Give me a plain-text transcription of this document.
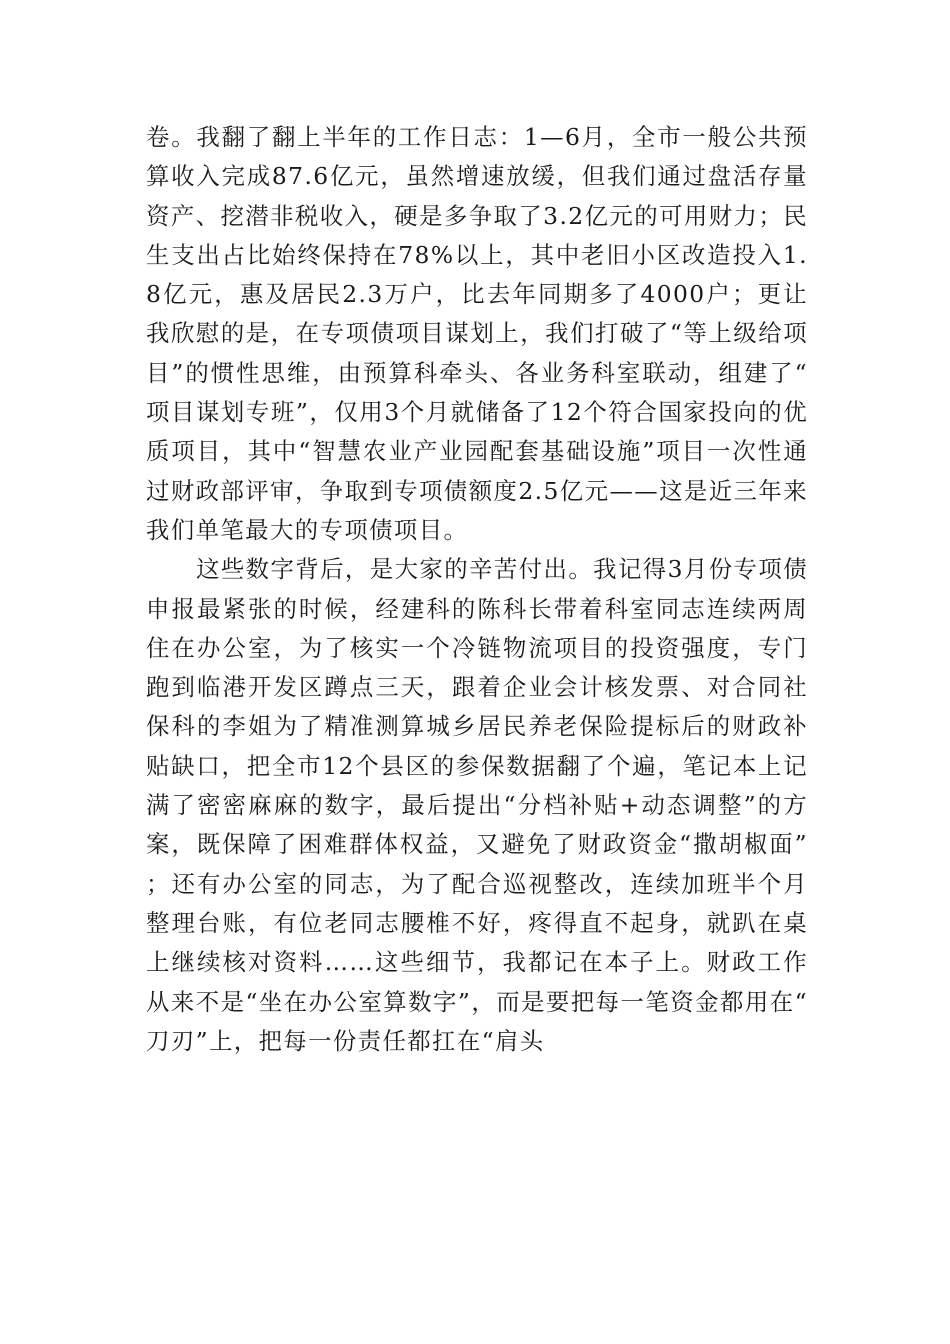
卷。我翻了翻上半年的工作日志：1—6月，全市一般公共预算收入完成87.6亿元，虽然增速放缓，但我们通过盘活存量资产、挖潜非税收入，硬是多争取了3.2亿元的可用财力；民生支出占比始终保持在78%以上，其中老旧小区改造投入1.8亿元，惠及居民2.3万户，比去年同期多了4000户；更让我欣慰的是，在专项债项目谋划上，我们打破了“等上级给项目”的惯性思维，由预算科牵头、各业务科室联动，组建了“项目谋划专班”，仅用3个月就储备了12个符合国家投向的优质项目，其中“智慧农业产业园配套基础设施”项目一次性通过财政部评审，争取到专项债额度2.5亿元——这是近三年来我们单笔最大的专项债项目。

这些数字背后，是大家的辛苦付出。我记得3月份专项债申报最紧张的时候，经建科的陈科长带着科室同志连续两周住在办公室，为了核实一个冷链物流项目的投资强度，专门跑到临港开发区蹲点三天，跟着企业会计核发票、对合同社保科的李姐为了精准测算城乡居民养老保险提标后的财政补贴缺口，把全市12个县区的参保数据翻了个遍，笔记本上记满了密密麻麻的数字，最后提出“分档补贴+动态调整”的方案，既保障了困难群体权益，又避免了财政资金“撒胡椒面”；还有办公室的同志，为了配合巡视整改，连续加班半个月整理台账，有位老同志腰椎不好，疼得直不起身，就趴在桌上继续核对资料……这些细节，我都记在本子上。财政工作从来不是“坐在办公室算数字”，而是要把每一笔资金都用在“刀刃”上，把每一份责任都扛在“肩头
